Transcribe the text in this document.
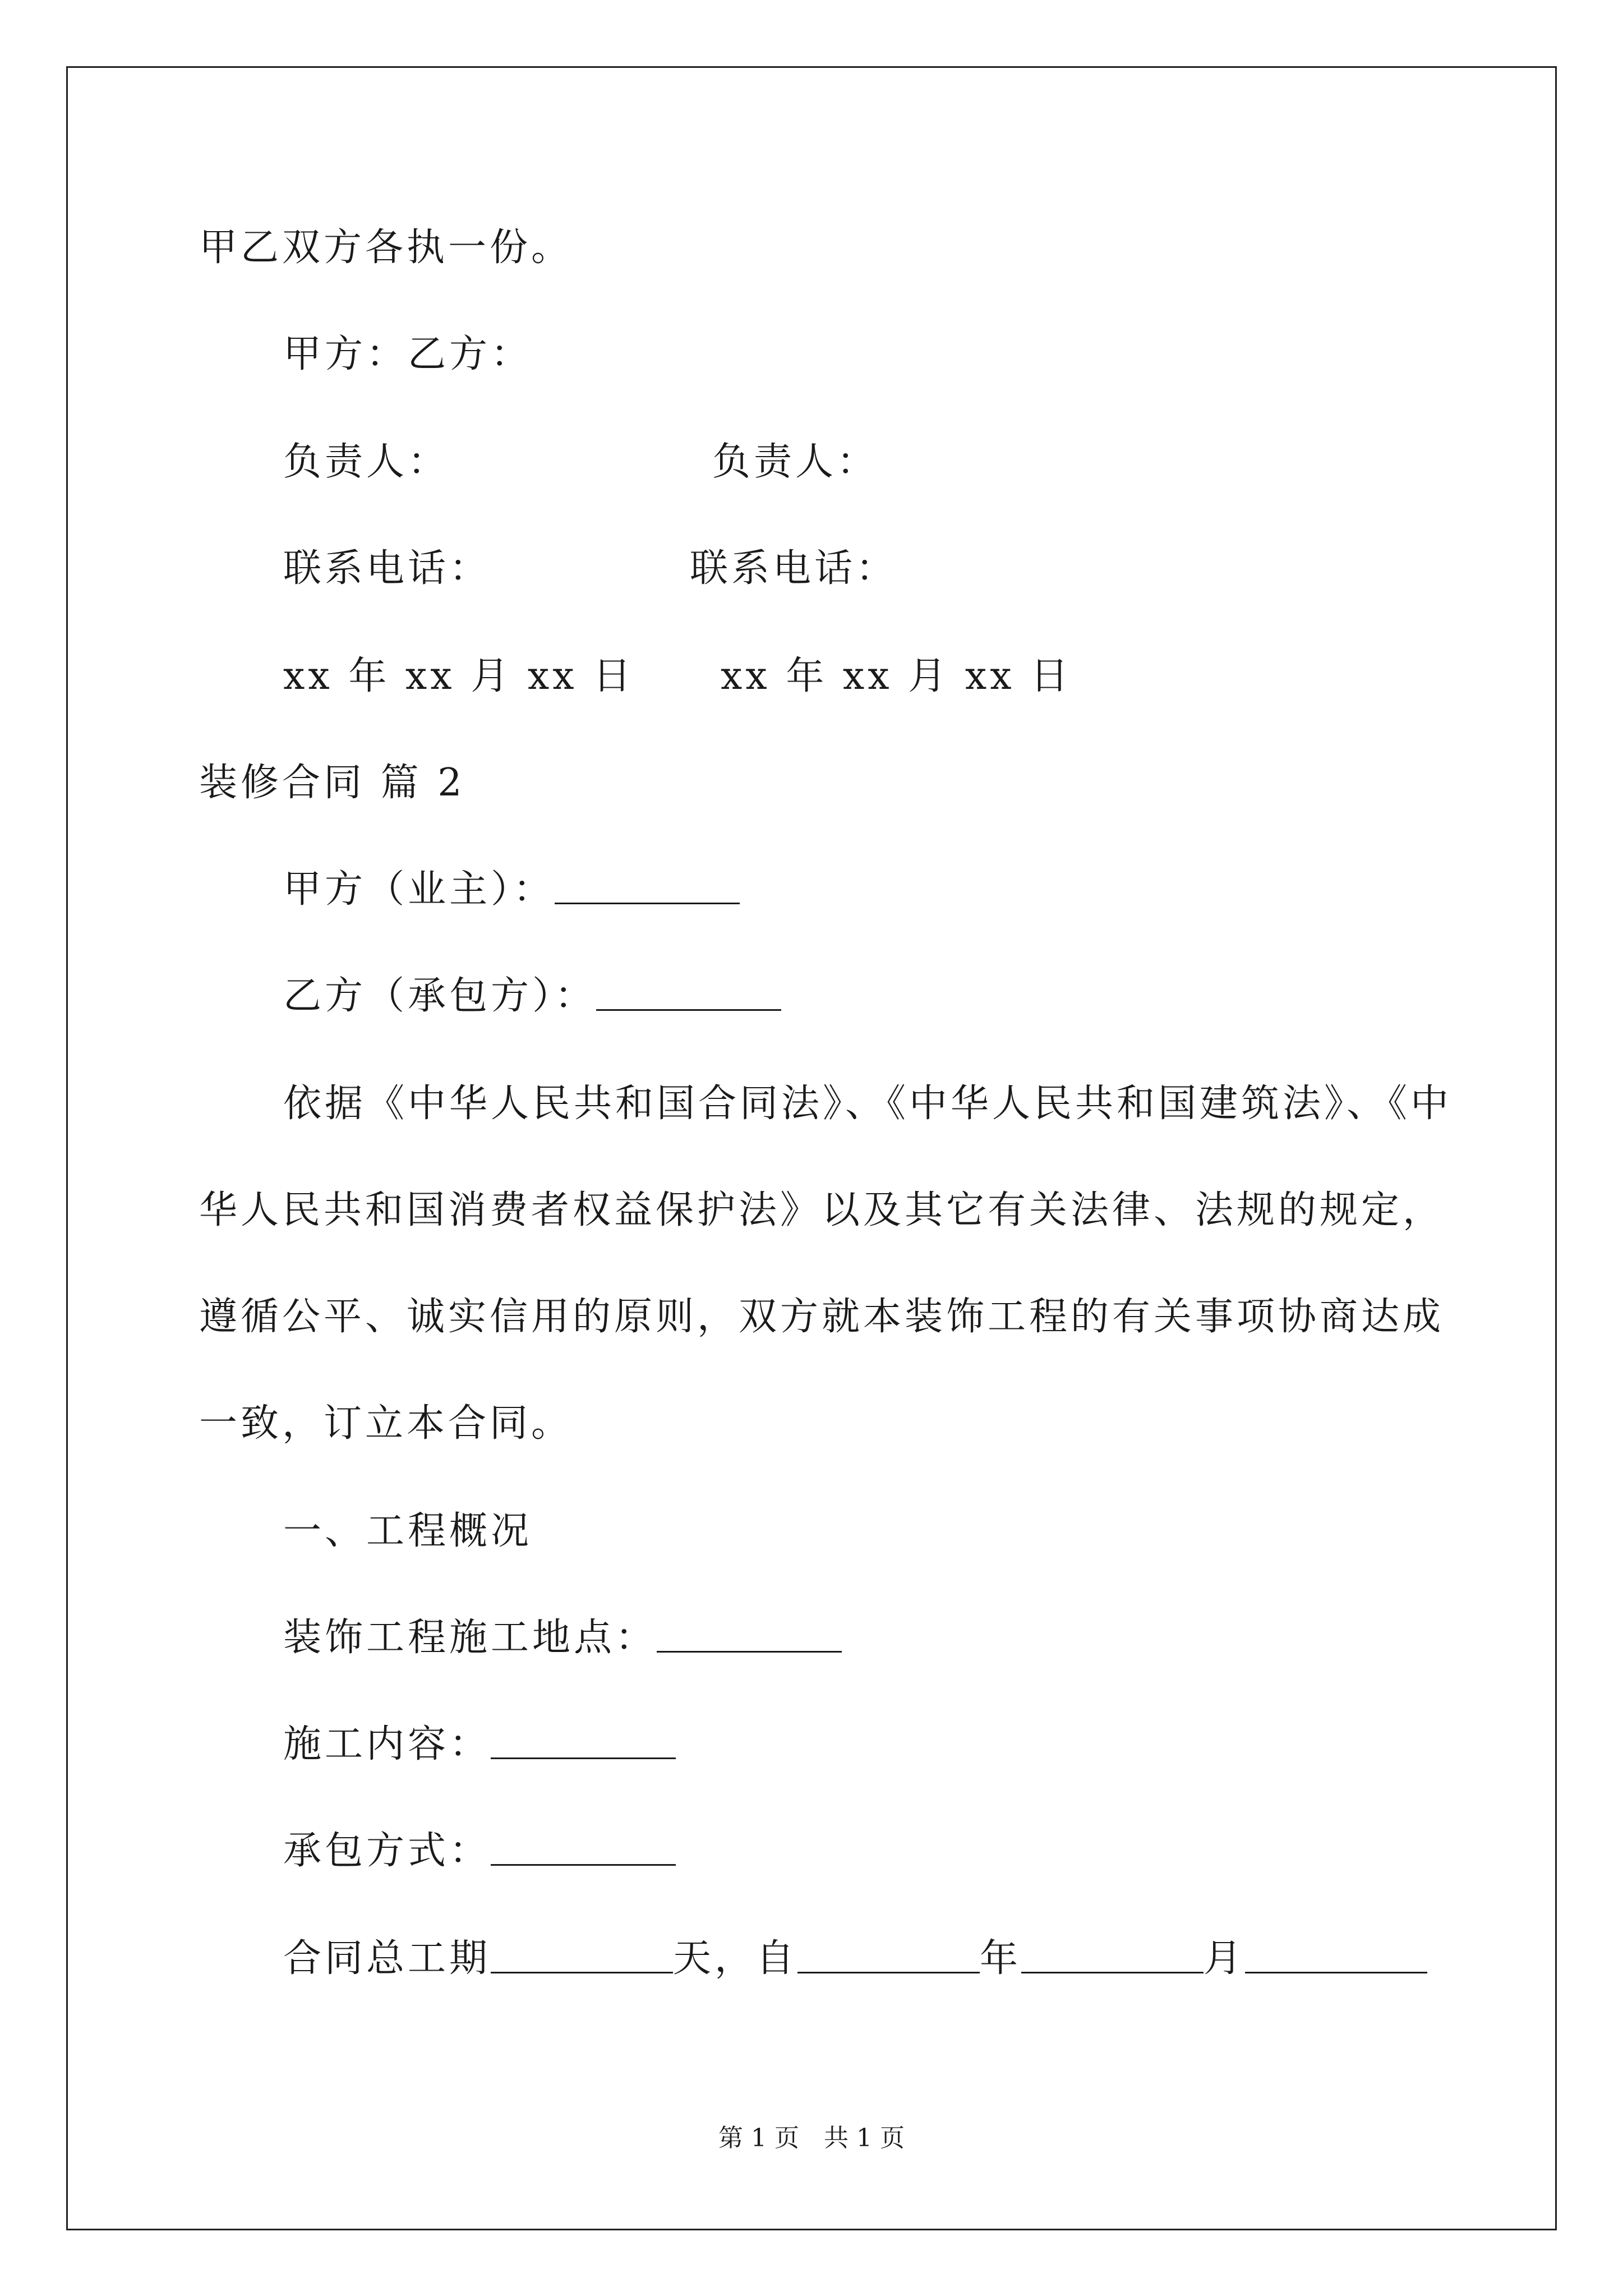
甲乙双方各执一份。
甲方：乙方：
负责人：	负责人：
联系电话：	联系电话：
xx 年 xx 月 xx 日 xx 年 xx 月 xx 日
装修合同 篇 2
甲方（业主）：
乙方（承包方）：
依据《中华人民共和国合同法》、《中华人民共和国建筑法》、《中
华人民共和国消费者权益保护法》以及其它有关法律、法规的规定，
遵循公平、诚实信用的原则，双方就本装饰工程的有关事项协商达成
一致，订立本合同。
一、工程概况
装饰工程施工地点：
施工内容：
承包方式：
合同总工期	天，自	年	月
第 1 页　共 1 页
